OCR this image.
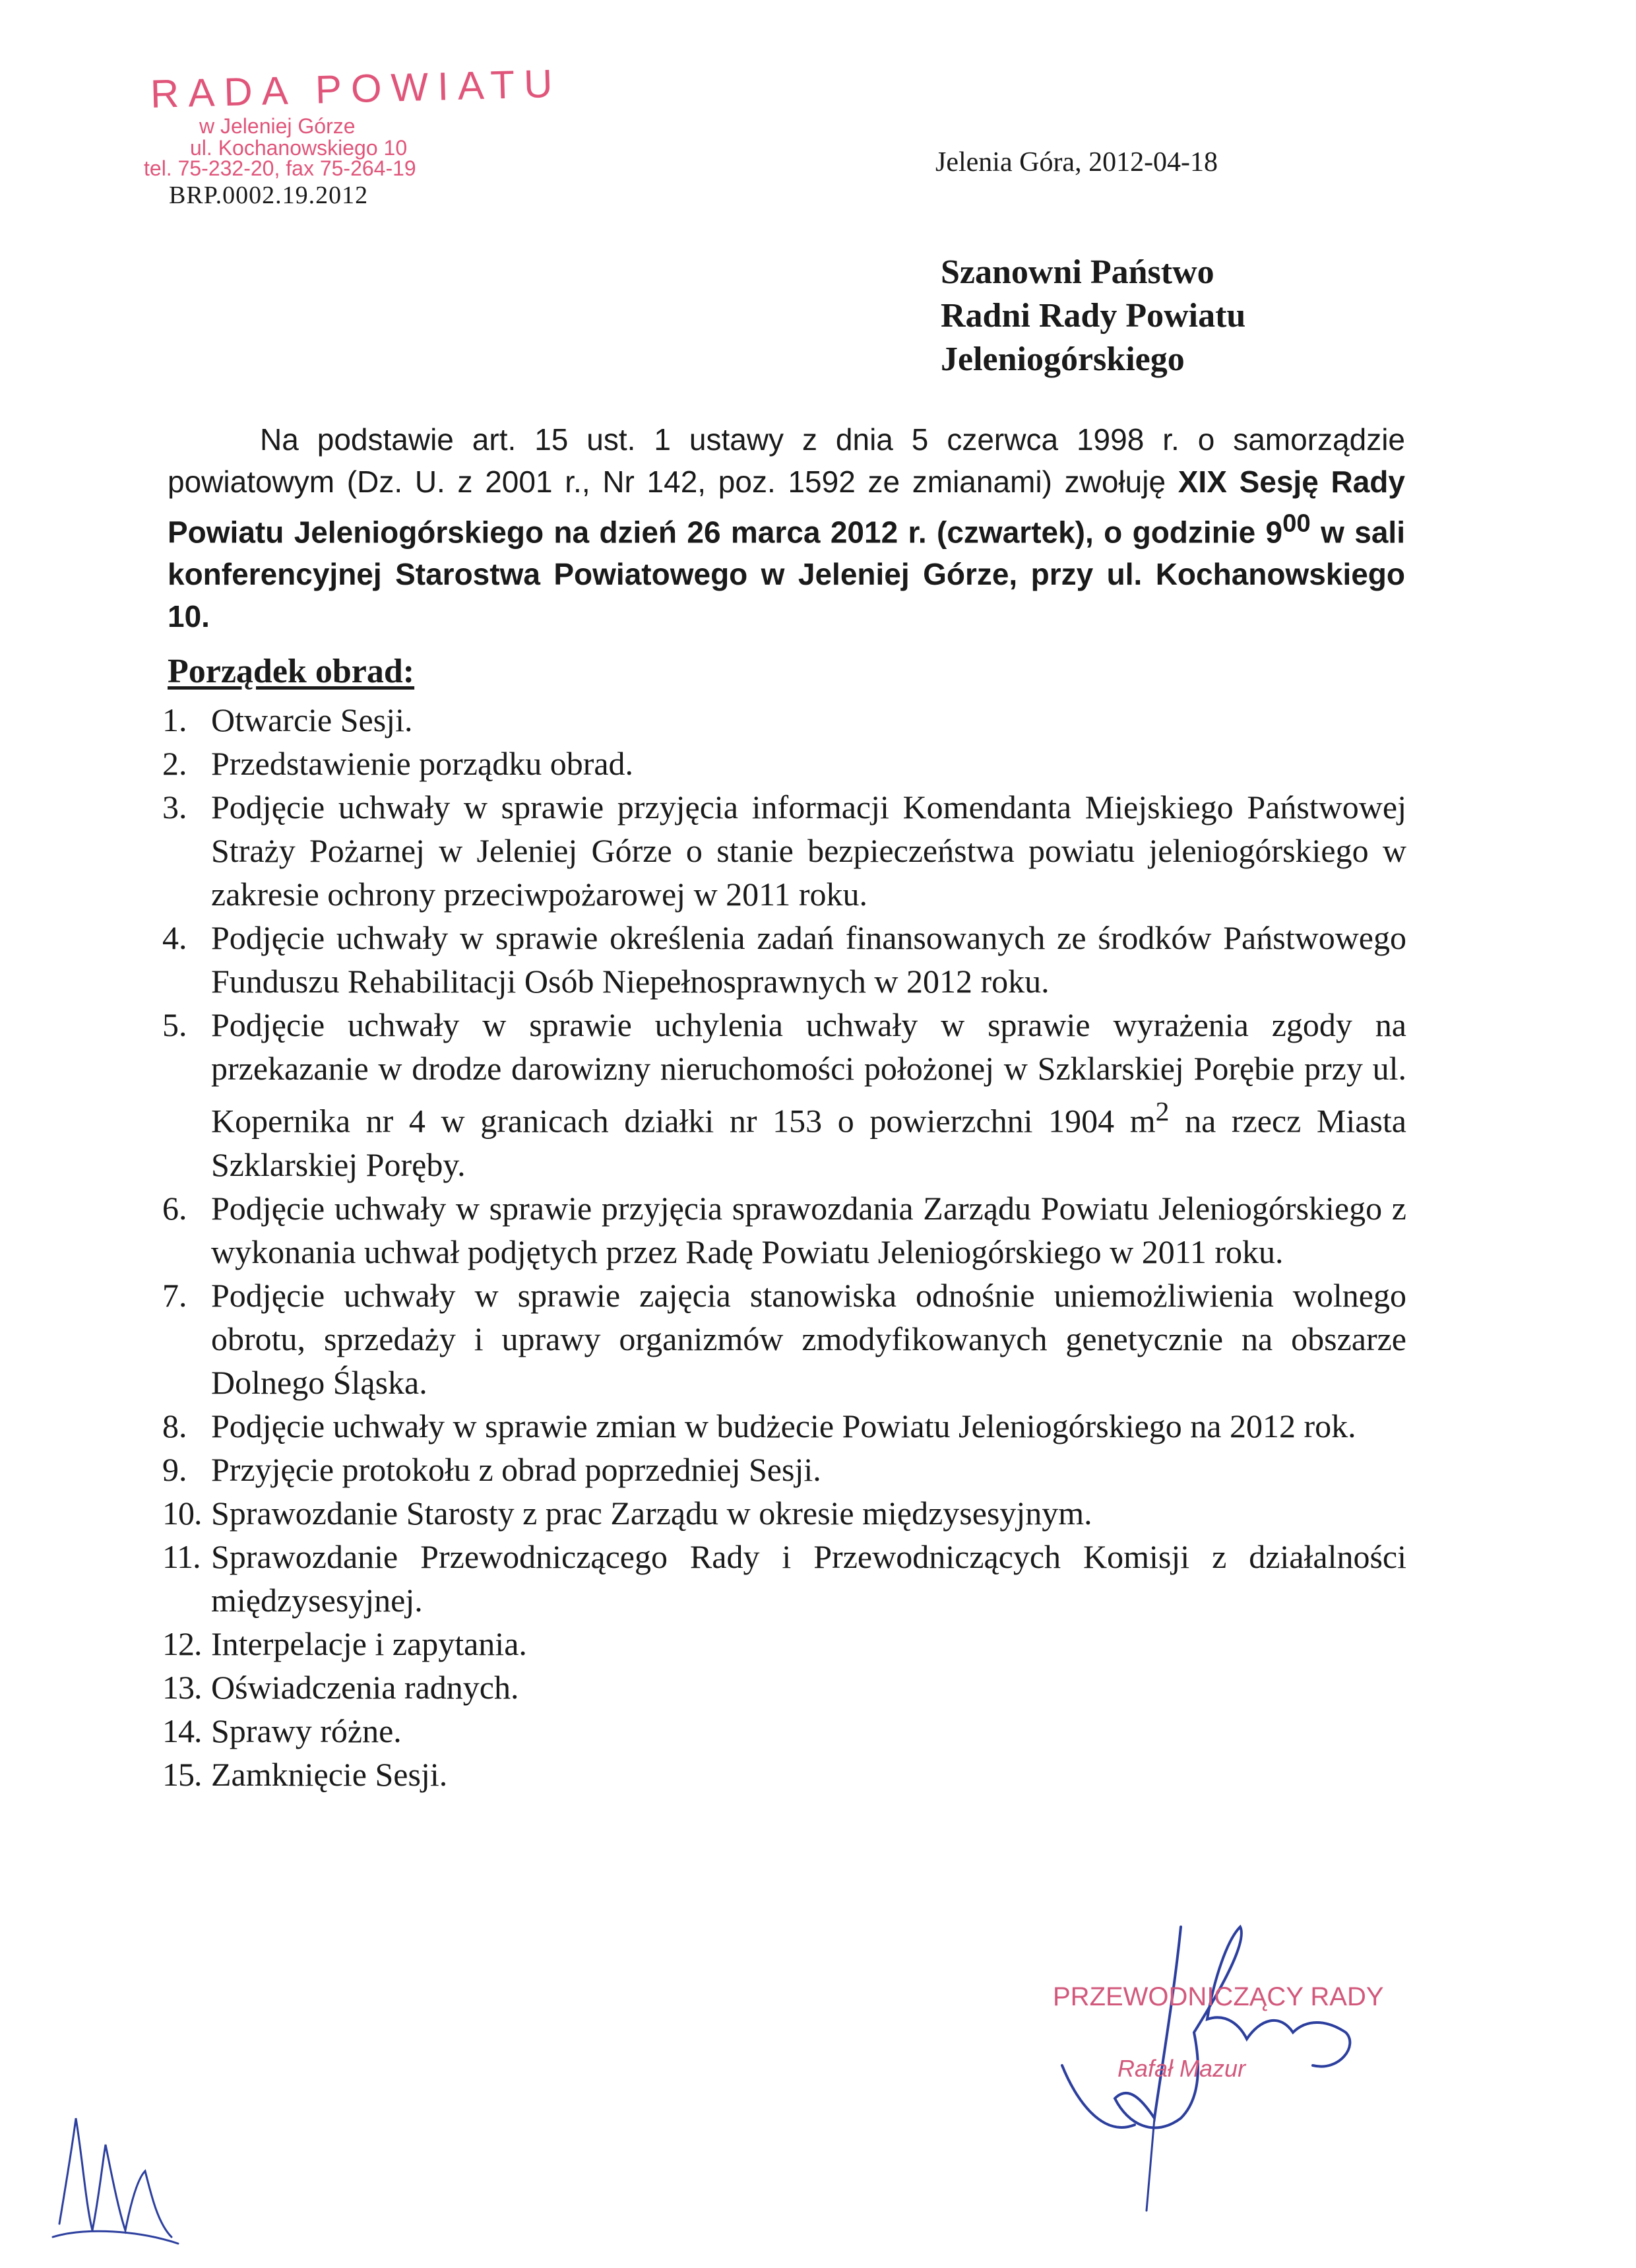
RADA POWIATU
w Jeleniej Górze
ul. Kochanowskiego 10
tel. 75-232-20, fax 75-264-19
BRP.0002.19.2012
Jelenia Góra, 2012-04-18
Szanowni Państwo
Radni Rady Powiatu
Jeleniogórskiego

Na podstawie art. 15 ust. 1 ustawy z dnia 5 czerwca 1998 r. o samorządzie powiatowym (Dz. U. z 2001 r., Nr 142, poz. 1592 ze zmianami) zwołuję XIX Sesję Rady Powiatu Jeleniogórskiego na dzień 26 marca 2012 r. (czwartek), o godzinie $9^{00}$ w sali konferencyjnej Starostwa Powiatowego w Jeleniej Górze, przy ul. Kochanowskiego 10.

Porządek obrad:
1. Otwarcie Sesji.
2. Przedstawienie porządku obrad.
3. Podjęcie uchwały w sprawie przyjęcia informacji Komendanta Miejskiego Państwowej Straży Pożarnej w Jeleniej Górze o stanie bezpieczeństwa powiatu jeleniogórskiego w zakresie ochrony przeciwpożarowej w 2011 roku.
4. Podjęcie uchwały w sprawie określenia zadań finansowanych ze środków Państwowego Funduszu Rehabilitacji Osób Niepełnosprawnych w 2012 roku.
5. Podjęcie uchwały w sprawie uchylenia uchwały w sprawie wyrażenia zgody na przekazanie w drodze darowizny nieruchomości położonej w Szklarskiej Porębie przy ul. Kopernika nr 4 w granicach działki nr 153 o powierzchni 1904 $m^2$ na rzecz Miasta Szklarskiej Poręby.
6. Podjęcie uchwały w sprawie przyjęcia sprawozdania Zarządu Powiatu Jeleniogórskiego z wykonania uchwał podjętych przez Radę Powiatu Jeleniogórskiego w 2011 roku.
7. Podjęcie uchwały w sprawie zajęcia stanowiska odnośnie uniemożliwienia wolnego obrotu, sprzedaży i uprawy organizmów zmodyfikowanych genetycznie na obszarze Dolnego Śląska.
8. Podjęcie uchwały w sprawie zmian w budżecie Powiatu Jeleniogórskiego na 2012 rok.
9. Przyjęcie protokołu z obrad poprzedniej Sesji.
10. Sprawozdanie Starosty z prac Zarządu w okresie międzysesyjnym.
11. Sprawozdanie Przewodniczącego Rady i Przewodniczących Komisji z działalności międzysesyjnej.
12. Interpelacje i zapytania.
13. Oświadczenia radnych.
14. Sprawy różne.
15. Zamknięcie Sesji.
PRZEWODNICZĄCY RADY
Rafał Mazur
